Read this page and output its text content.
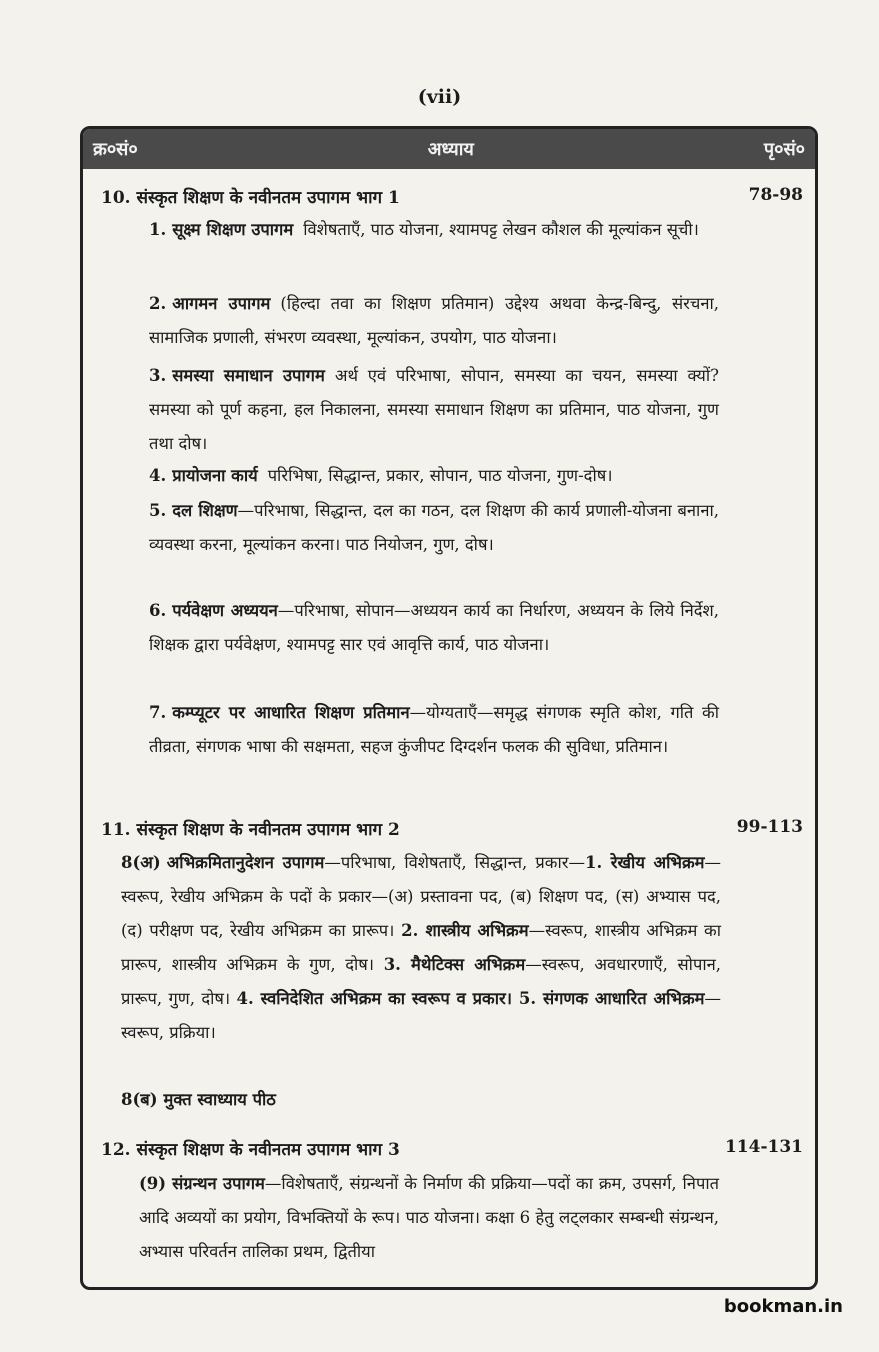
(vii)
क्र०सं०	अध्याय	पृ०सं०
10. संस्कृत शिक्षण के नवीनतम उपागम भाग 1	78-98
1. सूक्ष्म शिक्षण उपागम विशेषताएँ, पाठ योजना, श्यामपट्ट लेखन कौशल की मूल्यांकन सूची।
2. आगमन उपागम (हिल्दा तवा का शिक्षण प्रतिमान) उद्देश्य अथवा केन्द्र-बिन्दु, संरचना, सामाजिक प्रणाली, संभरण व्यवस्था, मूल्यांकन, उपयोग, पाठ योजना।
3. समस्या समाधान उपागम अर्थ एवं परिभाषा, सोपान, समस्या का चयन, समस्या क्यों? समस्या को पूर्ण कहना, हल निकालना, समस्या समाधान शिक्षण का प्रतिमान, पाठ योजना, गुण तथा दोष।
4. प्रायोजना कार्य परिभिषा, सिद्धान्त, प्रकार, सोपान, पाठ योजना, गुण-दोष।
5. दल शिक्षण—परिभाषा, सिद्धान्त, दल का गठन, दल शिक्षण की कार्य प्रणाली-योजना बनाना, व्यवस्था करना, मूल्यांकन करना। पाठ नियोजन, गुण, दोष।
6. पर्यवेक्षण अध्ययन—परिभाषा, सोपान—अध्ययन कार्य का निर्धारण, अध्ययन के लिये निर्देश, शिक्षक द्वारा पर्यवेक्षण, श्यामपट्ट सार एवं आवृत्ति कार्य, पाठ योजना।
7. कम्प्यूटर पर आधारित शिक्षण प्रतिमान—योग्यताएँ—समृद्ध संगणक स्मृति कोश, गति की तीव्रता, संगणक भाषा की सक्षमता, सहज कुंजीपट दिग्दर्शन फलक की सुविधा, प्रतिमान।
11. संस्कृत शिक्षण के नवीनतम उपागम भाग 2	99-113
8(अ) अभिक्रमितानुदेशन उपागम—परिभाषा, विशेषताएँ, सिद्धान्त, प्रकार—1. रेखीय अभिक्रम—स्वरूप, रेखीय अभिक्रम के पदों के प्रकार—(अ) प्रस्तावना पद, (ब) शिक्षण पद, (स) अभ्यास पद, (द) परीक्षण पद, रेखीय अभिक्रम का प्रारूप। 2. शास्त्रीय अभिक्रम—स्वरूप, शास्त्रीय अभिक्रम का प्रारूप, शास्त्रीय अभिक्रम के गुण, दोष। 3. मैथेटिक्स अभिक्रम—स्वरूप, अवधारणाएँ, सोपान, प्रारूप, गुण, दोष। 4. स्वनिदेशित अभिक्रम का स्वरूप व प्रकार। 5. संगणक आधारित अभिक्रम—स्वरूप, प्रक्रिया।
8(ब) मुक्त स्वाध्याय पीठ
12. संस्कृत शिक्षण के नवीनतम उपागम भाग 3	114-131
(9) संग्रन्थन उपागम—विशेषताएँ, संग्रन्थनों के निर्माण की प्रक्रिया—पदों का क्रम, उपसर्ग, निपात आदि अव्ययों का प्रयोग, विभक्तियों के रूप। पाठ योजना। कक्षा 6 हेतु लट्लकार सम्बन्धी संग्रन्थन, अभ्यास परिवर्तन तालिका प्रथम, द्वितीया
bookman.in
